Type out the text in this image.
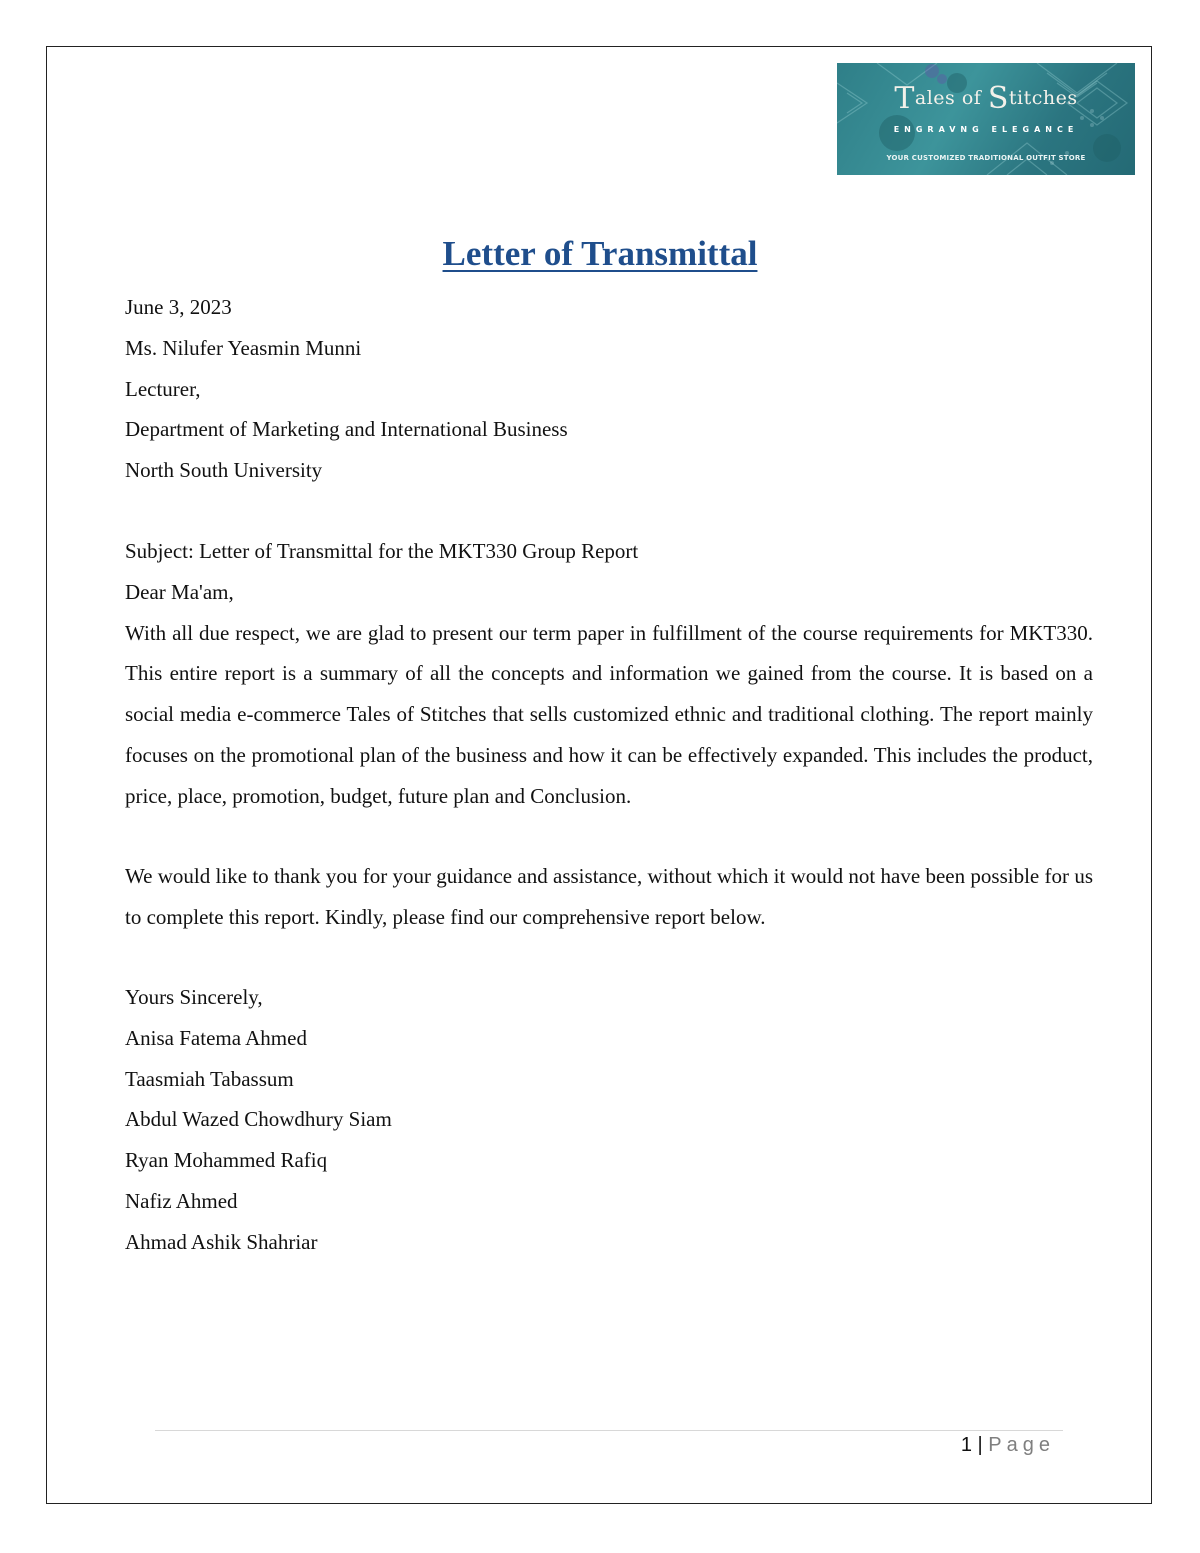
Tales of Stitches
ENGRAVNG ELEGANCE
YOUR CUSTOMIZED TRADITIONAL OUTFIT STORE
Letter of Transmittal

June 3, 2023

Ms. Nilufer Yeasmin Munni

Lecturer,

Department of Marketing and International Business

North South University

Subject: Letter of Transmittal for the MKT330 Group Report

Dear Ma'am,

With all due respect, we are glad to present our term paper in fulfillment of the course requirements for MKT330. This entire report is a summary of all the concepts and information we gained from the course. It is based on a social media e-commerce Tales of Stitches that sells customized ethnic and traditional clothing. The report mainly focuses on the promotional plan of the business and how it can be effectively expanded. This includes the product, price, place, promotion, budget, future plan and Conclusion.

We would like to thank you for your guidance and assistance, without which it would not have been possible for us to complete this report. Kindly, please find our comprehensive report below.

Yours Sincerely,

Anisa Fatema Ahmed

Taasmiah Tabassum

Abdul Wazed Chowdhury Siam

Ryan Mohammed Rafiq

Nafiz Ahmed

Ahmad Ashik Shahriar

1 | Page
